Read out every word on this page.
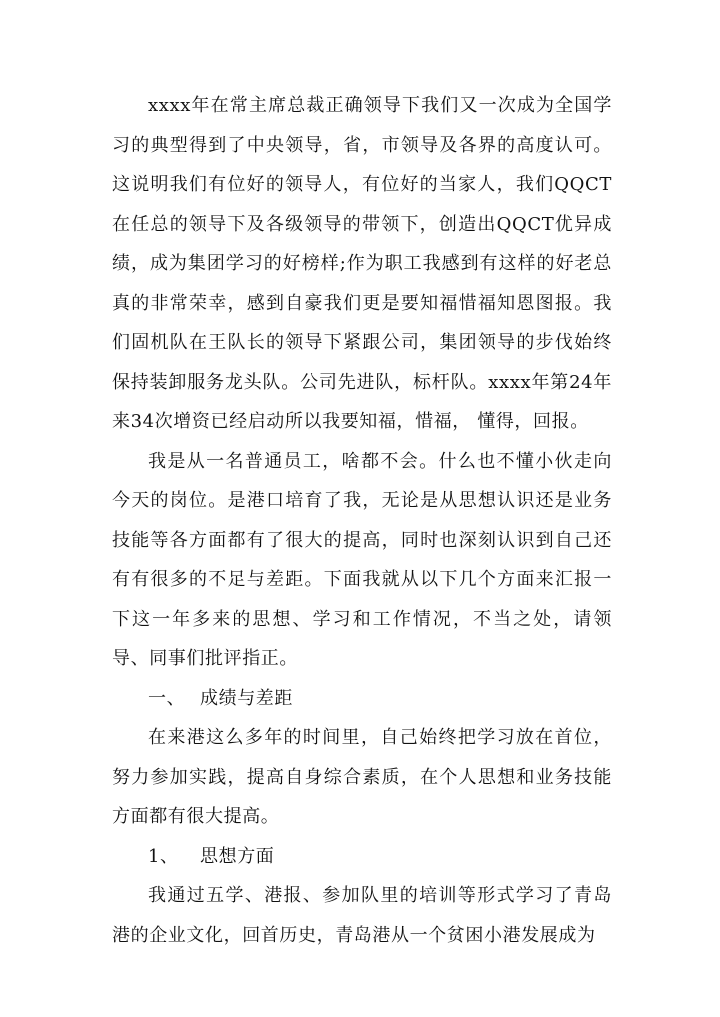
xxxx年在常主席总裁正确领导下我们又一次成为全国学习的典型得到了中央领导，省，市领导及各界的高度认可。这说明我们有位好的领导人，有位好的当家人，我们QQCT在任总的领导下及各级领导的带领下，创造出QQCT优异成绩，成为集团学习的好榜样;作为职工我感到有这样的好老总真的非常荣幸，感到自豪我们更是要知福惜福知恩图报。我们固机队在王队长的领导下紧跟公司，集团领导的步伐始终保持装卸服务龙头队。公司先进队，标杆队。xxxx年第24年来34次增资已经启动所以我要知福，惜福， 懂得，回报。

我是从一名普通员工，啥都不会。什么也不懂小伙走向今天的岗位。是港口培育了我，无论是从思想认识还是业务技能等各方面都有了很大的提高，同时也深刻认识到自己还有有很多的不足与差距。下面我就从以下几个方面来汇报一下这一年多来的思想、学习和工作情况，不当之处，请领导、同事们批评指正。

一、 成绩与差距

在来港这么多年的时间里，自己始终把学习放在首位，努力参加实践，提高自身综合素质，在个人思想和业务技能方面都有很大提高。

1、 思想方面

我通过五学、港报、参加队里的培训等形式学习了青岛港的企业文化，回首历史，青岛港从一个贫困小港发展成为
